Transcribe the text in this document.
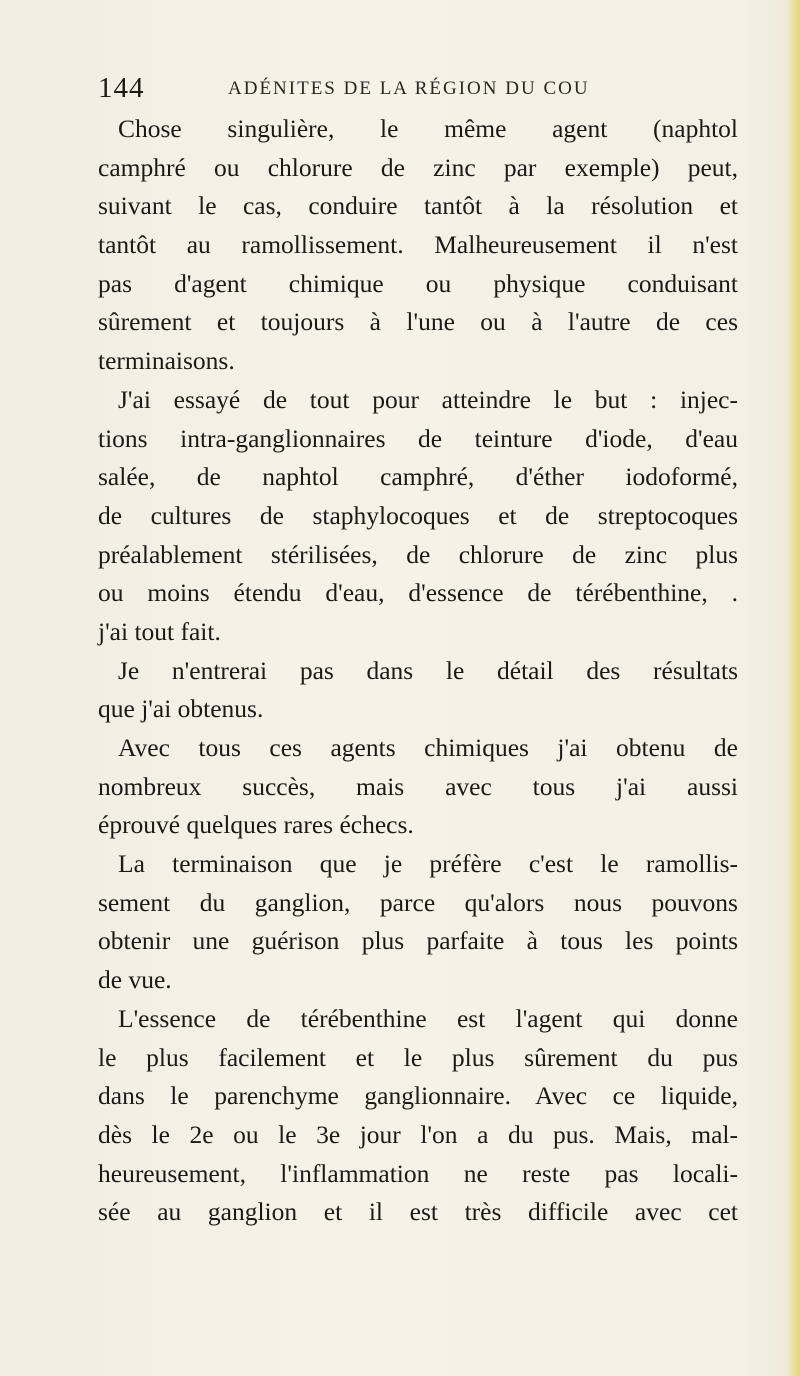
144	ADÉNITES DE LA RÉGION DU COU
Chose singulière, le même agent (naphtol
camphré ou chlorure de zinc par exemple) peut,
suivant le cas, conduire tantôt à la résolution et
tantôt au ramollissement. Malheureusement il n'est
pas d'agent chimique ou physique conduisant
sûrement et toujours à l'une ou à l'autre de ces
terminaisons.
J'ai essayé de tout pour atteindre le but : injec-
tions intra-ganglionnaires de teinture d'iode, d'eau
salée, de naphtol camphré, d'éther iodoformé,
de cultures de staphylocoques et de streptocoques
préalablement stérilisées, de chlorure de zinc plus
ou moins étendu d'eau, d'essence de térébenthine, .
j'ai tout fait.
Je n'entrerai pas dans le détail des résultats
que j'ai obtenus.
Avec tous ces agents chimiques j'ai obtenu de
nombreux succès, mais avec tous j'ai aussi
éprouvé quelques rares échecs.
La terminaison que je préfère c'est le ramollis-
sement du ganglion, parce qu'alors nous pouvons
obtenir une guérison plus parfaite à tous les points
de vue.
L'essence de térébenthine est l'agent qui donne
le plus facilement et le plus sûrement du pus
dans le parenchyme ganglionnaire. Avec ce liquide,
dès le 2e ou le 3e jour l'on a du pus. Mais, mal-
heureusement, l'inflammation ne reste pas locali-
sée au ganglion et il est très difficile avec cet
